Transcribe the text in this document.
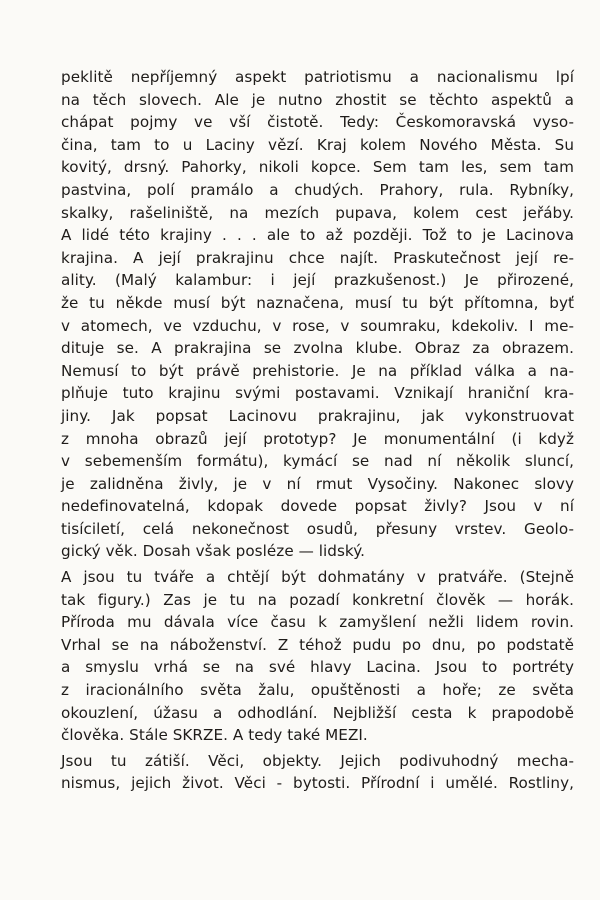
peklitě nepříjemný aspekt patriotismu a nacionalismu lpí
na těch slovech. Ale je nutno zhostit se těchto aspektů a
chápat pojmy ve vší čistotě. Tedy: Českomoravská vyso-
čina, tam to u Laciny vězí. Kraj kolem Nového Města. Su
kovitý, drsný. Pahorky, nikoli kopce. Sem tam les, sem tam
pastvina, polí pramálo a chudých. Prahory, rula. Rybníky,
skalky, rašeliniště, na mezích pupava, kolem cest jeřáby.
A lidé této krajiny . . . ale to až později. Tož to je Lacinova
krajina. A její prakrajinu chce najít. Praskutečnost její re-
ality. (Malý kalambur: i její prazkušenost.) Je přirozené,
že tu někde musí být naznačena, musí tu být přítomna, byť
v atomech, ve vzduchu, v rose, v soumraku, kdekoliv. I me-
dituje se. A prakrajina se zvolna klube. Obraz za obrazem.
Nemusí to být právě prehistorie. Je na příklad válka a na-
plňuje tuto krajinu svými postavami. Vznikají hraniční kra-
jiny. Jak popsat Lacinovu prakrajinu, jak vykonstruovat
z mnoha obrazů její prototyp? Je monumentální (i když
v sebemenším formátu), kymácí se nad ní několik sluncí,
je zalidněna živly, je v ní rmut Vysočiny. Nakonec slovy
nedefinovatelná, kdopak dovede popsat živly? Jsou v ní
tisíciletí, celá nekonečnost osudů, přesuny vrstev. Geolo-
gický věk. Dosah však posléze — lidský.

A jsou tu tváře a chtějí být dohmatány v pratváře. (Stejně
tak figury.) Zas je tu na pozadí konkretní člověk — horák.
Příroda mu dávala více času k zamyšlení nežli lidem rovin.
Vrhal se na náboženství. Z téhož pudu po dnu, po podstatě
a smyslu vrhá se na své hlavy Lacina. Jsou to portréty
z iracionálního světa žalu, opuštěnosti a hoře; ze světa
okouzlení, úžasu a odhodlání. Nejbližší cesta k prapodobě
člověka. Stále SKRZE. A tedy také MEZI.

Jsou tu zátiší. Věci, objekty. Jejich podivuhodný mecha-
nismus, jejich život. Věci - bytosti. Přírodní i umělé. Rostliny,
